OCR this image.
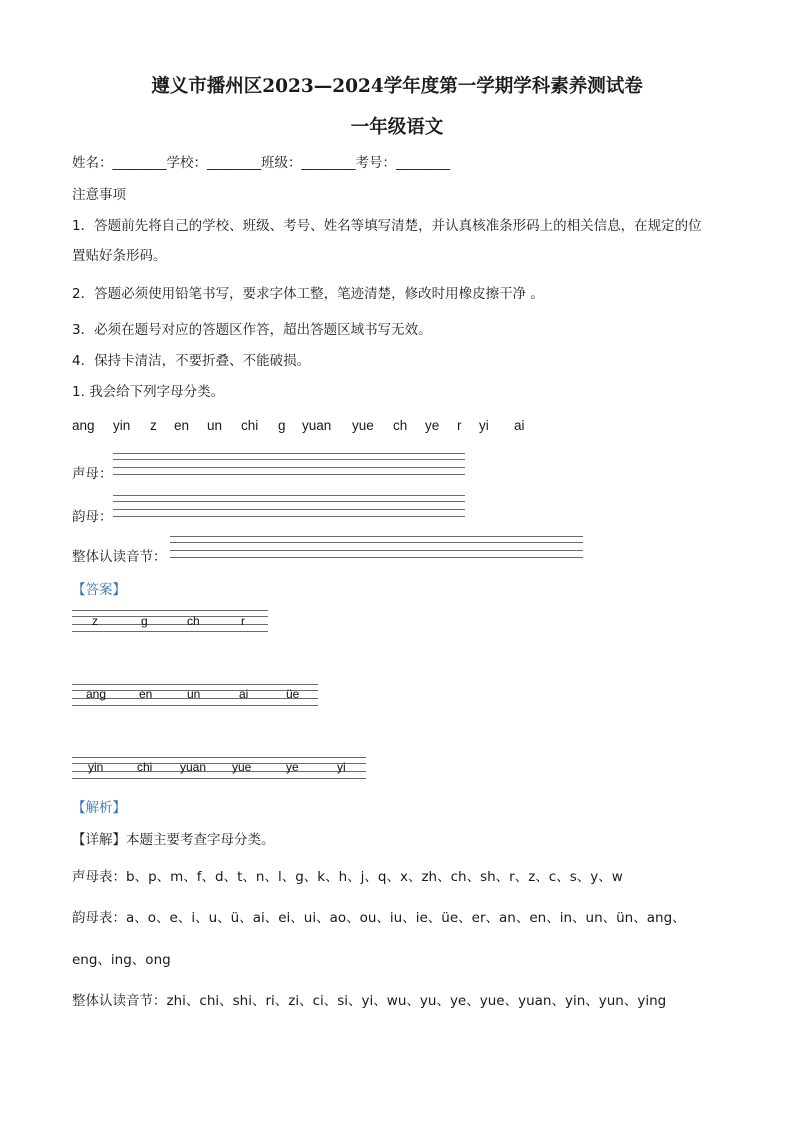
遵义市播州区2023—2024学年度第一学期学科素养测试卷
一年级语文
姓名：________学校：________班级：________考号：________
注意事项
1．答题前先将自己的学校、班级、考号、姓名等填写清楚，并认真核准条形码上的相关信息，在规定的位
置贴好条形码。
2．答题必须使用铅笔书写，要求字体工整，笔迹清楚，修改时用橡皮擦干净 。
3．必须在题号对应的答题区作答，超出答题区域书写无效。
4．保持卡清洁，不要折叠、不能破损。
1. 我会给下列字母分类。
ang yin z en un chi g yuan yue ch ye r yi ai
声母：
韵母：
整体认读音节：
【答案】
z	g	ch	r
ang	en	un	ai	üe
yin	chi yuan yue	ye	yi
【解析】
【详解】本题主要考查字母分类。
声母表：b、p、m、f、d、t、n、l、g、k、h、j、q、x、zh、ch、sh、r、z、c、s、y、w
韵母表：a、o、e、i、u、ü、ai、ei、ui、ao、ou、iu、ie、üe、er、an、en、in、un、ün、ang、
eng、ing、ong
整体认读音节：zhi、chi、shi、ri、zi、ci、si、yi、wu、yu、ye、yue、yuan、yin、yun、ying
